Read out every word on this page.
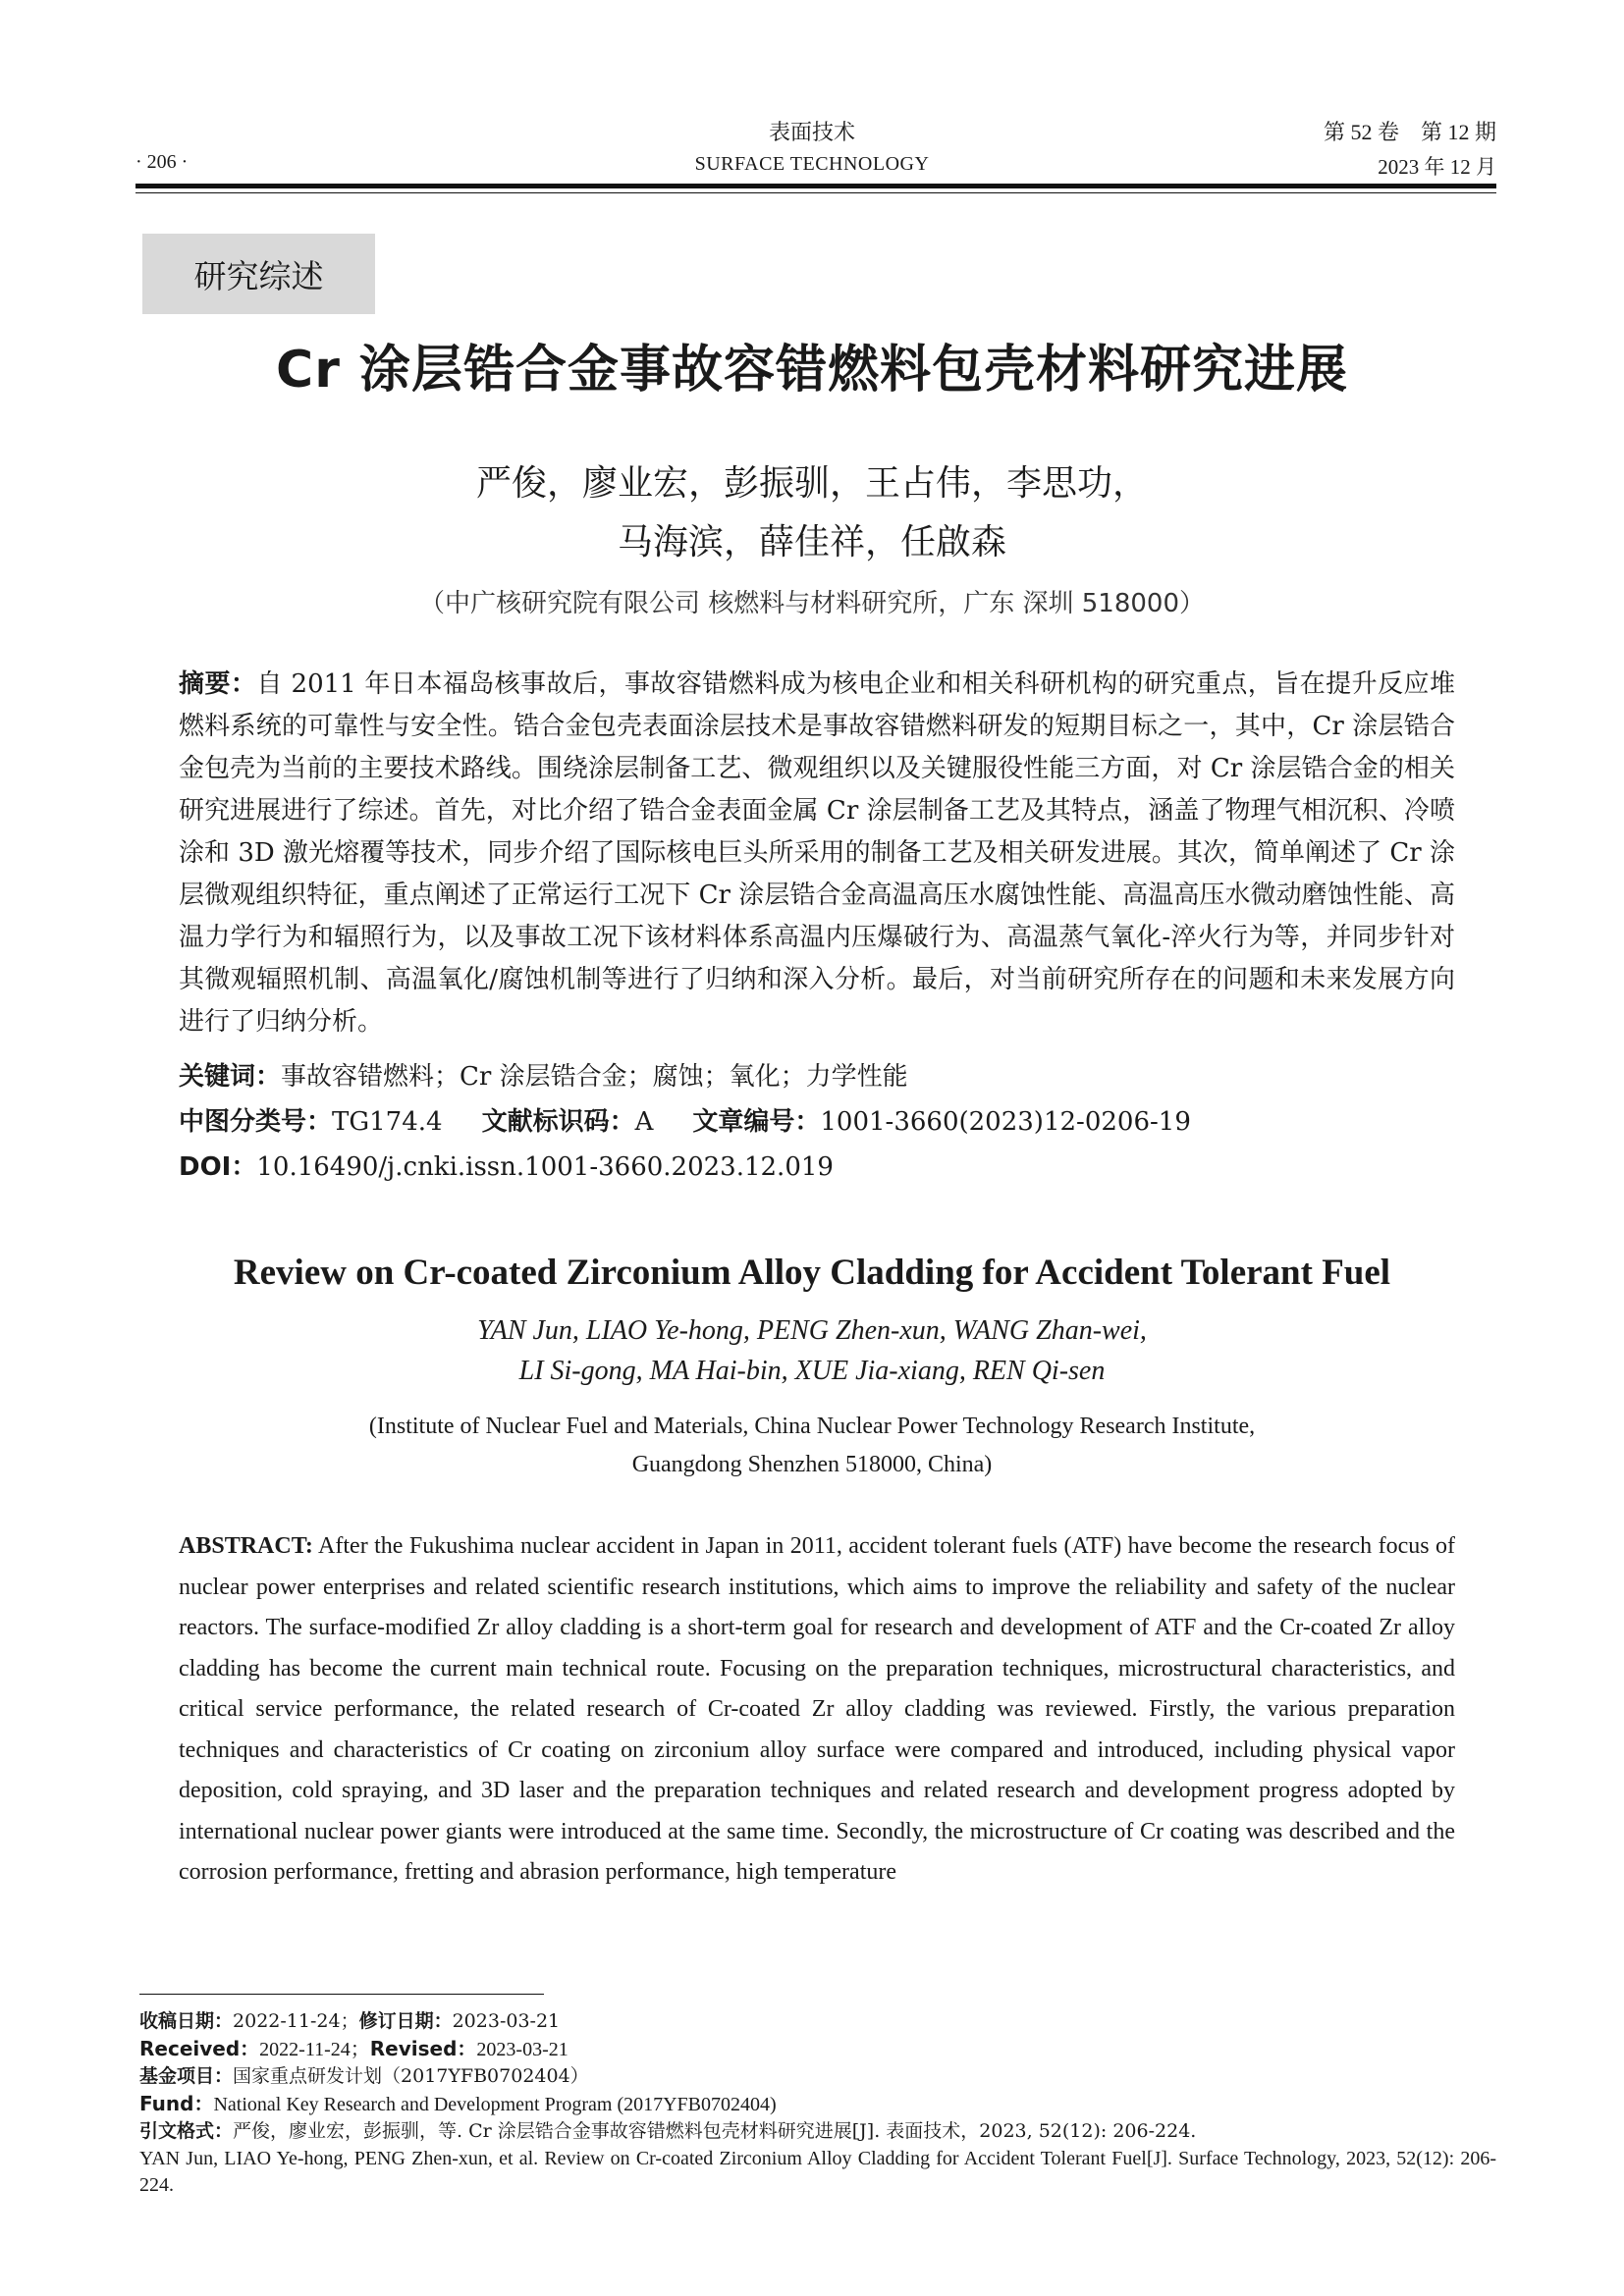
· 206 ·
表面技术
SURFACE TECHNOLOGY
第 52 卷　第 12 期
2023 年 12 月
研究综述
Cr 涂层锆合金事故容错燃料包壳材料研究进展
严俊，廖业宏，彭振驯，王占伟，李思功，
马海滨，薛佳祥，任啟森
（中广核研究院有限公司 核燃料与材料研究所，广东 深圳 518000）
摘要：自 2011 年日本福岛核事故后，事故容错燃料成为核电企业和相关科研机构的研究重点，旨在提升反应堆燃料系统的可靠性与安全性。锆合金包壳表面涂层技术是事故容错燃料研发的短期目标之一，其中，Cr 涂层锆合金包壳为当前的主要技术路线。围绕涂层制备工艺、微观组织以及关键服役性能三方面，对 Cr 涂层锆合金的相关研究进展进行了综述。首先，对比介绍了锆合金表面金属 Cr 涂层制备工艺及其特点，涵盖了物理气相沉积、冷喷涂和 3D 激光熔覆等技术，同步介绍了国际核电巨头所采用的制备工艺及相关研发进展。其次，简单阐述了 Cr 涂层微观组织特征，重点阐述了正常运行工况下 Cr 涂层锆合金高温高压水腐蚀性能、高温高压水微动磨蚀性能、高温力学行为和辐照行为，以及事故工况下该材料体系高温内压爆破行为、高温蒸气氧化-淬火行为等，并同步针对其微观辐照机制、高温氧化/腐蚀机制等进行了归纳和深入分析。最后，对当前研究所存在的问题和未来发展方向进行了归纳分析。
关键词：事故容错燃料；Cr 涂层锆合金；腐蚀；氧化；力学性能
中图分类号：TG174.4 文献标识码：A 文章编号：1001-3660(2023)12-0206-19
DOI：10.16490/j.cnki.issn.1001-3660.2023.12.019
Review on Cr-coated Zirconium Alloy Cladding for Accident Tolerant Fuel
YAN Jun, LIAO Ye-hong, PENG Zhen-xun, WANG Zhan-wei,
LI Si-gong, MA Hai-bin, XUE Jia-xiang, REN Qi-sen
(Institute of Nuclear Fuel and Materials, China Nuclear Power Technology Research Institute,
Guangdong Shenzhen 518000, China)
ABSTRACT: After the Fukushima nuclear accident in Japan in 2011, accident tolerant fuels (ATF) have become the research focus of nuclear power enterprises and related scientific research institutions, which aims to improve the reliability and safety of the nuclear reactors. The surface-modified Zr alloy cladding is a short-term goal for research and development of ATF and the Cr-coated Zr alloy cladding has become the current main technical route. Focusing on the preparation techniques, microstructural characteristics, and critical service performance, the related research of Cr-coated Zr alloy cladding was reviewed. Firstly, the various preparation techniques and characteristics of Cr coating on zirconium alloy surface were compared and introduced, including physical vapor deposition, cold spraying, and 3D laser and the preparation techniques and related research and development progress adopted by international nuclear power giants were introduced at the same time. Secondly, the microstructure of Cr coating was described and the corrosion performance, fretting and abrasion performance, high temperature
收稿日期：2022-11-24；修订日期：2023-03-21
Received：2022-11-24；Revised：2023-03-21
基金项目：国家重点研发计划（2017YFB0702404）
Fund：National Key Research and Development Program (2017YFB0702404)
引文格式：严俊，廖业宏，彭振驯，等. Cr 涂层锆合金事故容错燃料包壳材料研究进展[J]. 表面技术，2023, 52(12): 206-224.
YAN Jun, LIAO Ye-hong, PENG Zhen-xun, et al. Review on Cr-coated Zirconium Alloy Cladding for Accident Tolerant Fuel[J]. Surface Technology, 2023, 52(12): 206-224.
